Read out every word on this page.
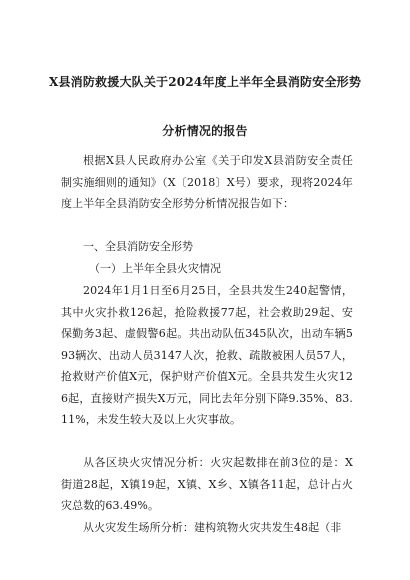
X县消防救援大队关于2024年度上半年全县消防安全形势
分析情况的报告

根据X县人民政府办公室《关于印发X县消防安全责任制实施细则的通知》（X〔2018〕X号）要求，现将2024年度上半年全县消防安全形势分析情况报告如下：

一、全县消防安全形势
（一）上半年全县火灾情况

2024年1月1日至6月25日，全县共发生240起警情，其中火灾扑救126起，抢险救援77起，社会救助29起、安保勤务3起、虚假警6起。共出动队伍345队次，出动车辆593辆次、出动人员3147人次，抢救、疏散被困人员57人，抢救财产价值X元，保护财产价值X元。全县共发生火灾126起，直接财产损失X万元，同比去年分别下降9.35%、83.11%，未发生较大及以上火灾事故。

从各区块火灾情况分析：火灾起数排在前3位的是：X街道28起，X镇19起，X镇、X乡、X镇各11起，总计占火灾总数的63.49%。

从火灾发生场所分析：建构筑物火灾共发生48起（非
